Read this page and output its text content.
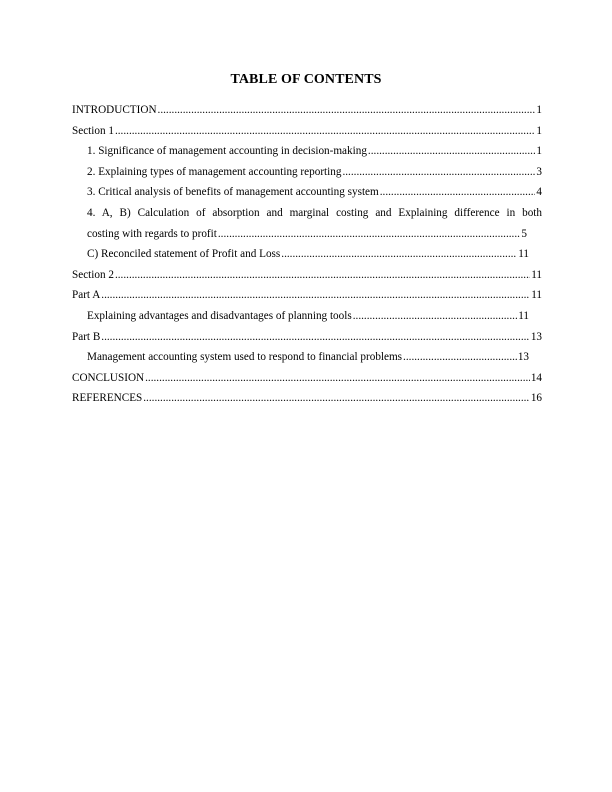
TABLE OF CONTENTS
INTRODUCTION .....	1
Section 1 .....	1
1. Significance of management accounting in decision-making .....	1
2. Explaining types of management accounting reporting .....	3
3. Critical analysis of benefits of management accounting system .....	4
4. A, B) Calculation of absorption and marginal costing and Explaining difference in both
costing with regards to profit .....	5
C) Reconciled statement of Profit and Loss .....	11
Section 2 .....	11
Part A .....	11
Explaining advantages and disadvantages of planning tools .....	11
Part B .....	13
Management accounting system used to respond to financial problems .....	13
CONCLUSION .....	14
REFERENCES .....	16
